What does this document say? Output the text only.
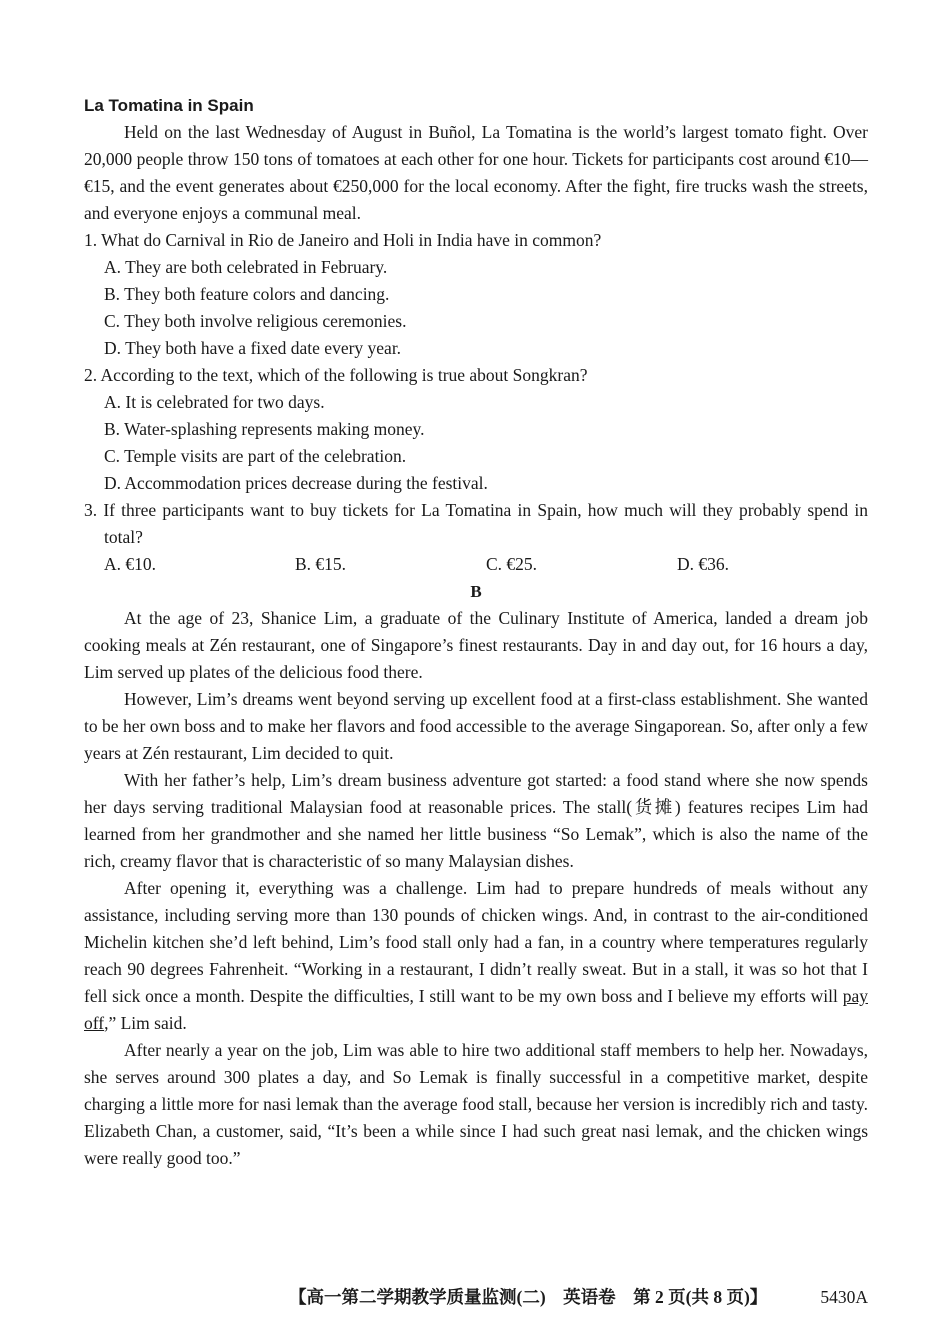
La Tomatina in Spain

Held on the last Wednesday of August in Buñol, La Tomatina is the world’s largest tomato fight. Over 20,000 people throw 150 tons of tomatoes at each other for one hour. Tickets for participants cost around €10—€15, and the event generates about €250,000 for the local economy. After the fight, fire trucks wash the streets, and everyone enjoys a communal meal.

1. What do Carnival in Rio de Janeiro and Holi in India have in common?

A. They are both celebrated in February.

B. They both feature colors and dancing.

C. They both involve religious ceremonies.

D. They both have a fixed date every year.

2. According to the text, which of the following is true about Songkran?

A. It is celebrated for two days.

B. Water-splashing represents making money.

C. Temple visits are part of the celebration.

D. Accommodation prices decrease during the festival.

3. If three participants want to buy tickets for La Tomatina in Spain, how much will they probably spend in total?

A. €10.	B. €15.	C. €25.	D. €36.

B

At the age of 23, Shanice Lim, a graduate of the Culinary Institute of America, landed a dream job cooking meals at Zén restaurant, one of Singapore’s finest restaurants. Day in and day out, for 16 hours a day, Lim served up plates of the delicious food there.

However, Lim’s dreams went beyond serving up excellent food at a first-class establishment. She wanted to be her own boss and to make her flavors and food accessible to the average Singaporean. So, after only a few years at Zén restaurant, Lim decided to quit.

With her father’s help, Lim’s dream business adventure got started: a food stand where she now spends her days serving traditional Malaysian food at reasonable prices. The stall(货摊) features recipes Lim had learned from her grandmother and she named her little business “So Lemak”, which is also the name of the rich, creamy flavor that is characteristic of so many Malaysian dishes.

After opening it, everything was a challenge. Lim had to prepare hundreds of meals without any assistance, including serving more than 130 pounds of chicken wings. And, in contrast to the air-conditioned Michelin kitchen she’d left behind, Lim’s food stall only had a fan, in a country where temperatures regularly reach 90 degrees Fahrenheit. “Working in a restaurant, I didn’t really sweat. But in a stall, it was so hot that I fell sick once a month. Despite the difficulties, I still want to be my own boss and I believe my efforts will pay off,” Lim said.

After nearly a year on the job, Lim was able to hire two additional staff members to help her. Nowadays, she serves around 300 plates a day, and So Lemak is finally successful in a competitive market, despite charging a little more for nasi lemak than the average food stall, because her version is incredibly rich and tasty. Elizabeth Chan, a customer, said, “It’s been a while since I had such great nasi lemak, and the chicken wings were really good too.”

【高一第二学期教学质量监测(二)　英语卷　第 2 页(共 8 页)】	5430A
